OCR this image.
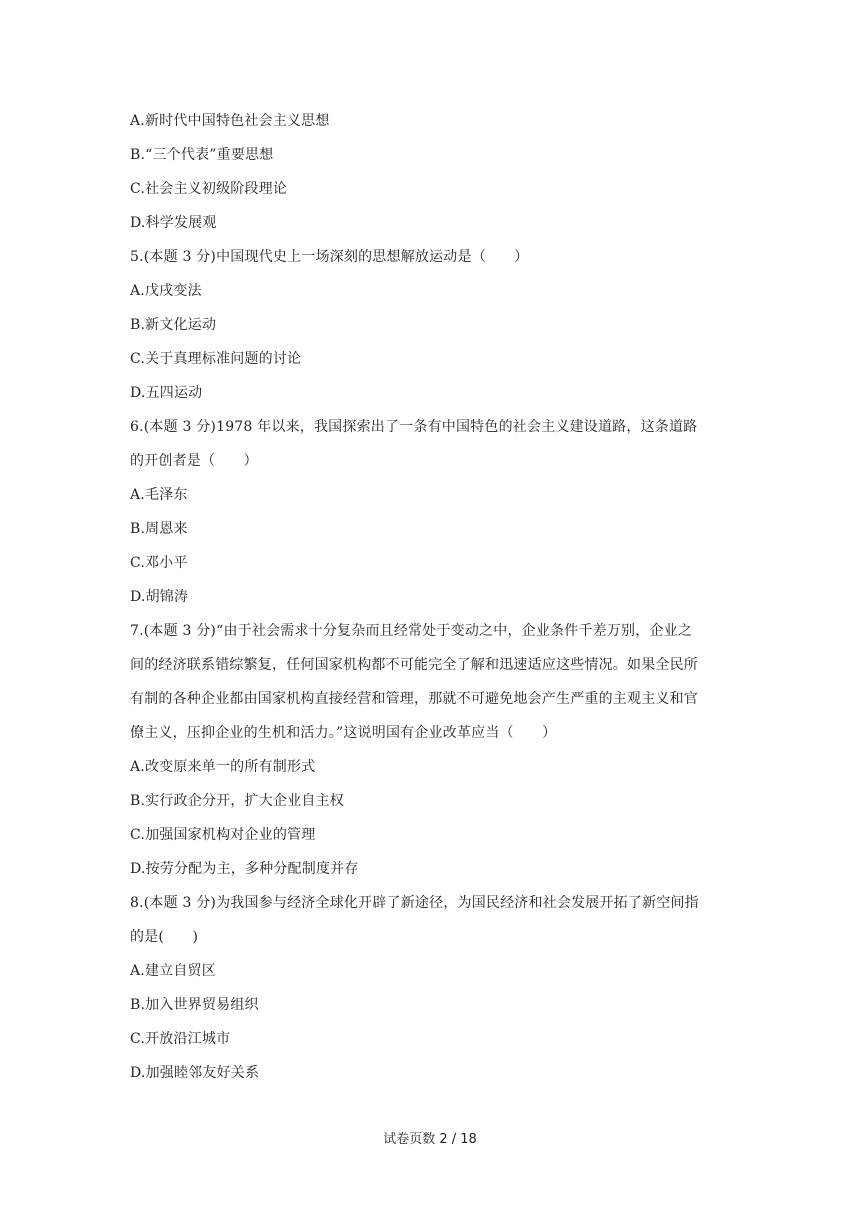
A.新时代中国特色社会主义思想
B.“三个代表”重要思想
C.社会主义初级阶段理论
D.科学发展观
5.(本题 3 分)中国现代史上一场深刻的思想解放运动是（　　）
A.戊戌变法
B.新文化运动
C.关于真理标准问题的讨论
D.五四运动
6.(本题 3 分)1978 年以来，我国探索出了一条有中国特色的社会主义建设道路，这条道路
的开创者是（　　）
A.毛泽东
B.周恩来
C.邓小平
D.胡锦涛
7.(本题 3 分)“由于社会需求十分复杂而且经常处于变动之中，企业条件千差万别，企业之
间的经济联系错综繁复，任何国家机构都不可能完全了解和迅速适应这些情况。如果全民所
有制的各种企业都由国家机构直接经营和管理，那就不可避免地会产生严重的主观主义和官
僚主义，压抑企业的生机和活力。”这说明国有企业改革应当（　　）
A.改变原来单一的所有制形式
B.实行政企分开，扩大企业自主权
C.加强国家机构对企业的管理
D.按劳分配为主，多种分配制度并存
8.(本题 3 分)为我国参与经济全球化开辟了新途径，为国民经济和社会发展开拓了新空间指
的是(　　)
A.建立自贸区
B.加入世界贸易组织
C.开放沿江城市
D.加强睦邻友好关系
试卷页数 2 / 18
